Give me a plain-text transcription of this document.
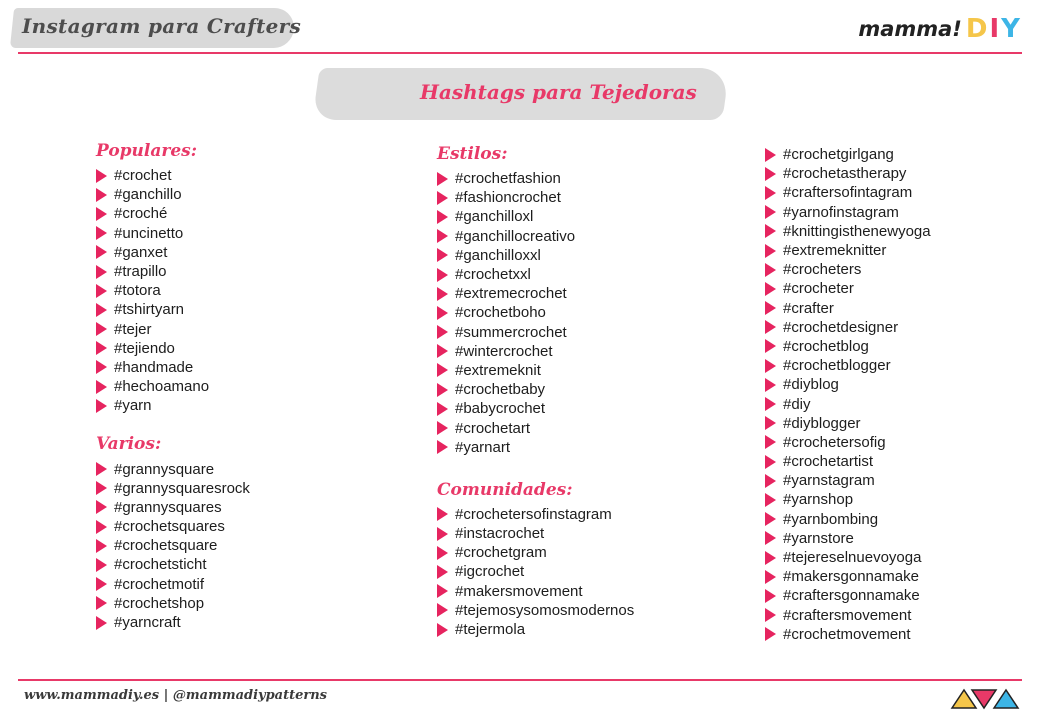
Instagram para Crafters	mamma! D I Y
Hashtags para Tejedoras
Populares:
#crochet
#ganchillo
#croché
#uncinetto
#ganxet
#trapillo
#totora
#tshirtyarn
#tejer
#tejiendo
#handmade
#hechoamano
#yarn
Varios:
#grannysquare
#grannysquaresrock
#grannysquares
#crochetsquares
#crochetsquare
#crochetsticht
#crochetmotif
#crochetshop
#yarncraft
Estilos:
#crochetfashion
#fashioncrochet
#ganchilloxl
#ganchillocreativo
#ganchilloxxl
#crochetxxl
#extremecrochet
#crochetboho
#summercrochet
#wintercrochet
#extremeknit
#crochetbaby
#babycrochet
#crochetart
#yarnart
Comunidades:
#crochetersofinstagram
#instacrochet
#crochetgram
#igcrochet
#makersmovement
#tejemosysomosmodernos
#tejermola
#crochetgirlgang
#crochetastherapy
#craftersofintagram
#yarnofinstagram
#knittingisthenewyoga
#extremeknitter
#crocheters
#crocheter
#crafter
#crochetdesigner
#crochetblog
#crochetblogger
#diyblog
#diy
#diyblogger
#crochetersofig
#crochetartist
#yarnstagram
#yarnshop
#yarnbombing
#yarnstore
#tejereselnuevoyoga
#makersgonnamake
#craftersgonnamake
#craftersmovement
#crochetmovement
www.mammadiy.es | @mammadiypatterns
